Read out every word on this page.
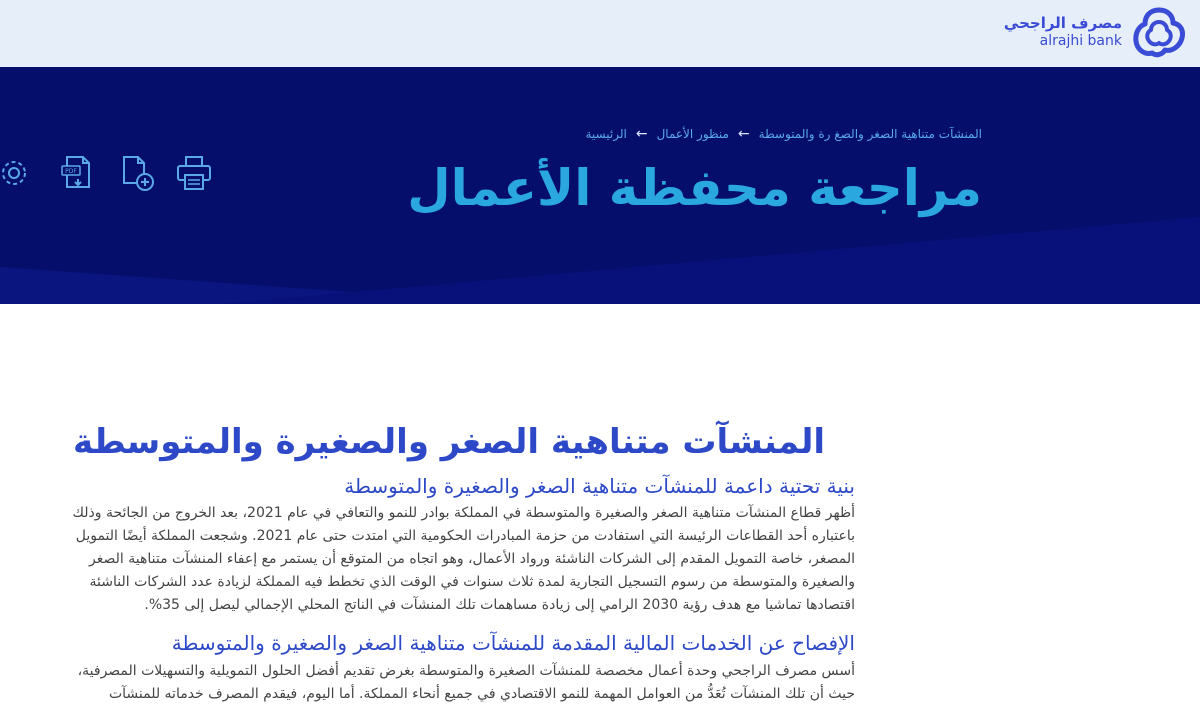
مصرف الراجحي
alrajhi bank
الرئيسية ← منظور الأعمال ← المنشآت متناهية الصغر والصغ رة والمتوسطة
مراجعة محفظة الأعمال
PDF
المنشآت متناهية الصغر والصغيرة والمتوسطة
بنية تحتية داعمة للمنشآت متناهية الصغر والصغيرة والمتوسطة

أظهر قطاع المنشآت متناهية الصغر والصغيرة والمتوسطة في المملكة بوادر للنمو والتعافي في عام 2021، بعد الخروج من الجائحة وذلك
باعتباره أحد القطاعات الرئيسة التي استفادت من حزمة المبادرات الحكومية التي امتدت حتى عام 2021. وشجعت المملكة أيضًا التمويل
المصغر، خاصة التمويل المقدم إلى الشركات الناشئة ورواد الأعمال، وهو اتجاه من المتوقع أن يستمر مع إعفاء المنشآت متناهية الصغر
والصغيرة والمتوسطة من رسوم التسجيل التجارية لمدة ثلاث سنوات في الوقت الذي تخطط فيه المملكة لزيادة عدد الشركات الناشئة
اقتصادها تماشيا مع هدف رؤية 2030 الرامي إلى زيادة مساهمات تلك المنشآت في الناتج المحلي الإجمالي ليصل إلى 35%.

الإفصاح عن الخدمات المالية المقدمة للمنشآت متناهية الصغر والصغيرة والمتوسطة

أسس مصرف الراجحي وحدة أعمال مخصصة للمنشآت الصغيرة والمتوسطة بغرض تقديم أفضل الحلول التمويلية والتسهيلات المصرفية،
حيث أن تلك المنشآت تُعَدُّ من العوامل المهمة للنمو الاقتصادي في جميع أنحاء المملكة. أما اليوم، فيقدم المصرف خدماته للمنشآت
